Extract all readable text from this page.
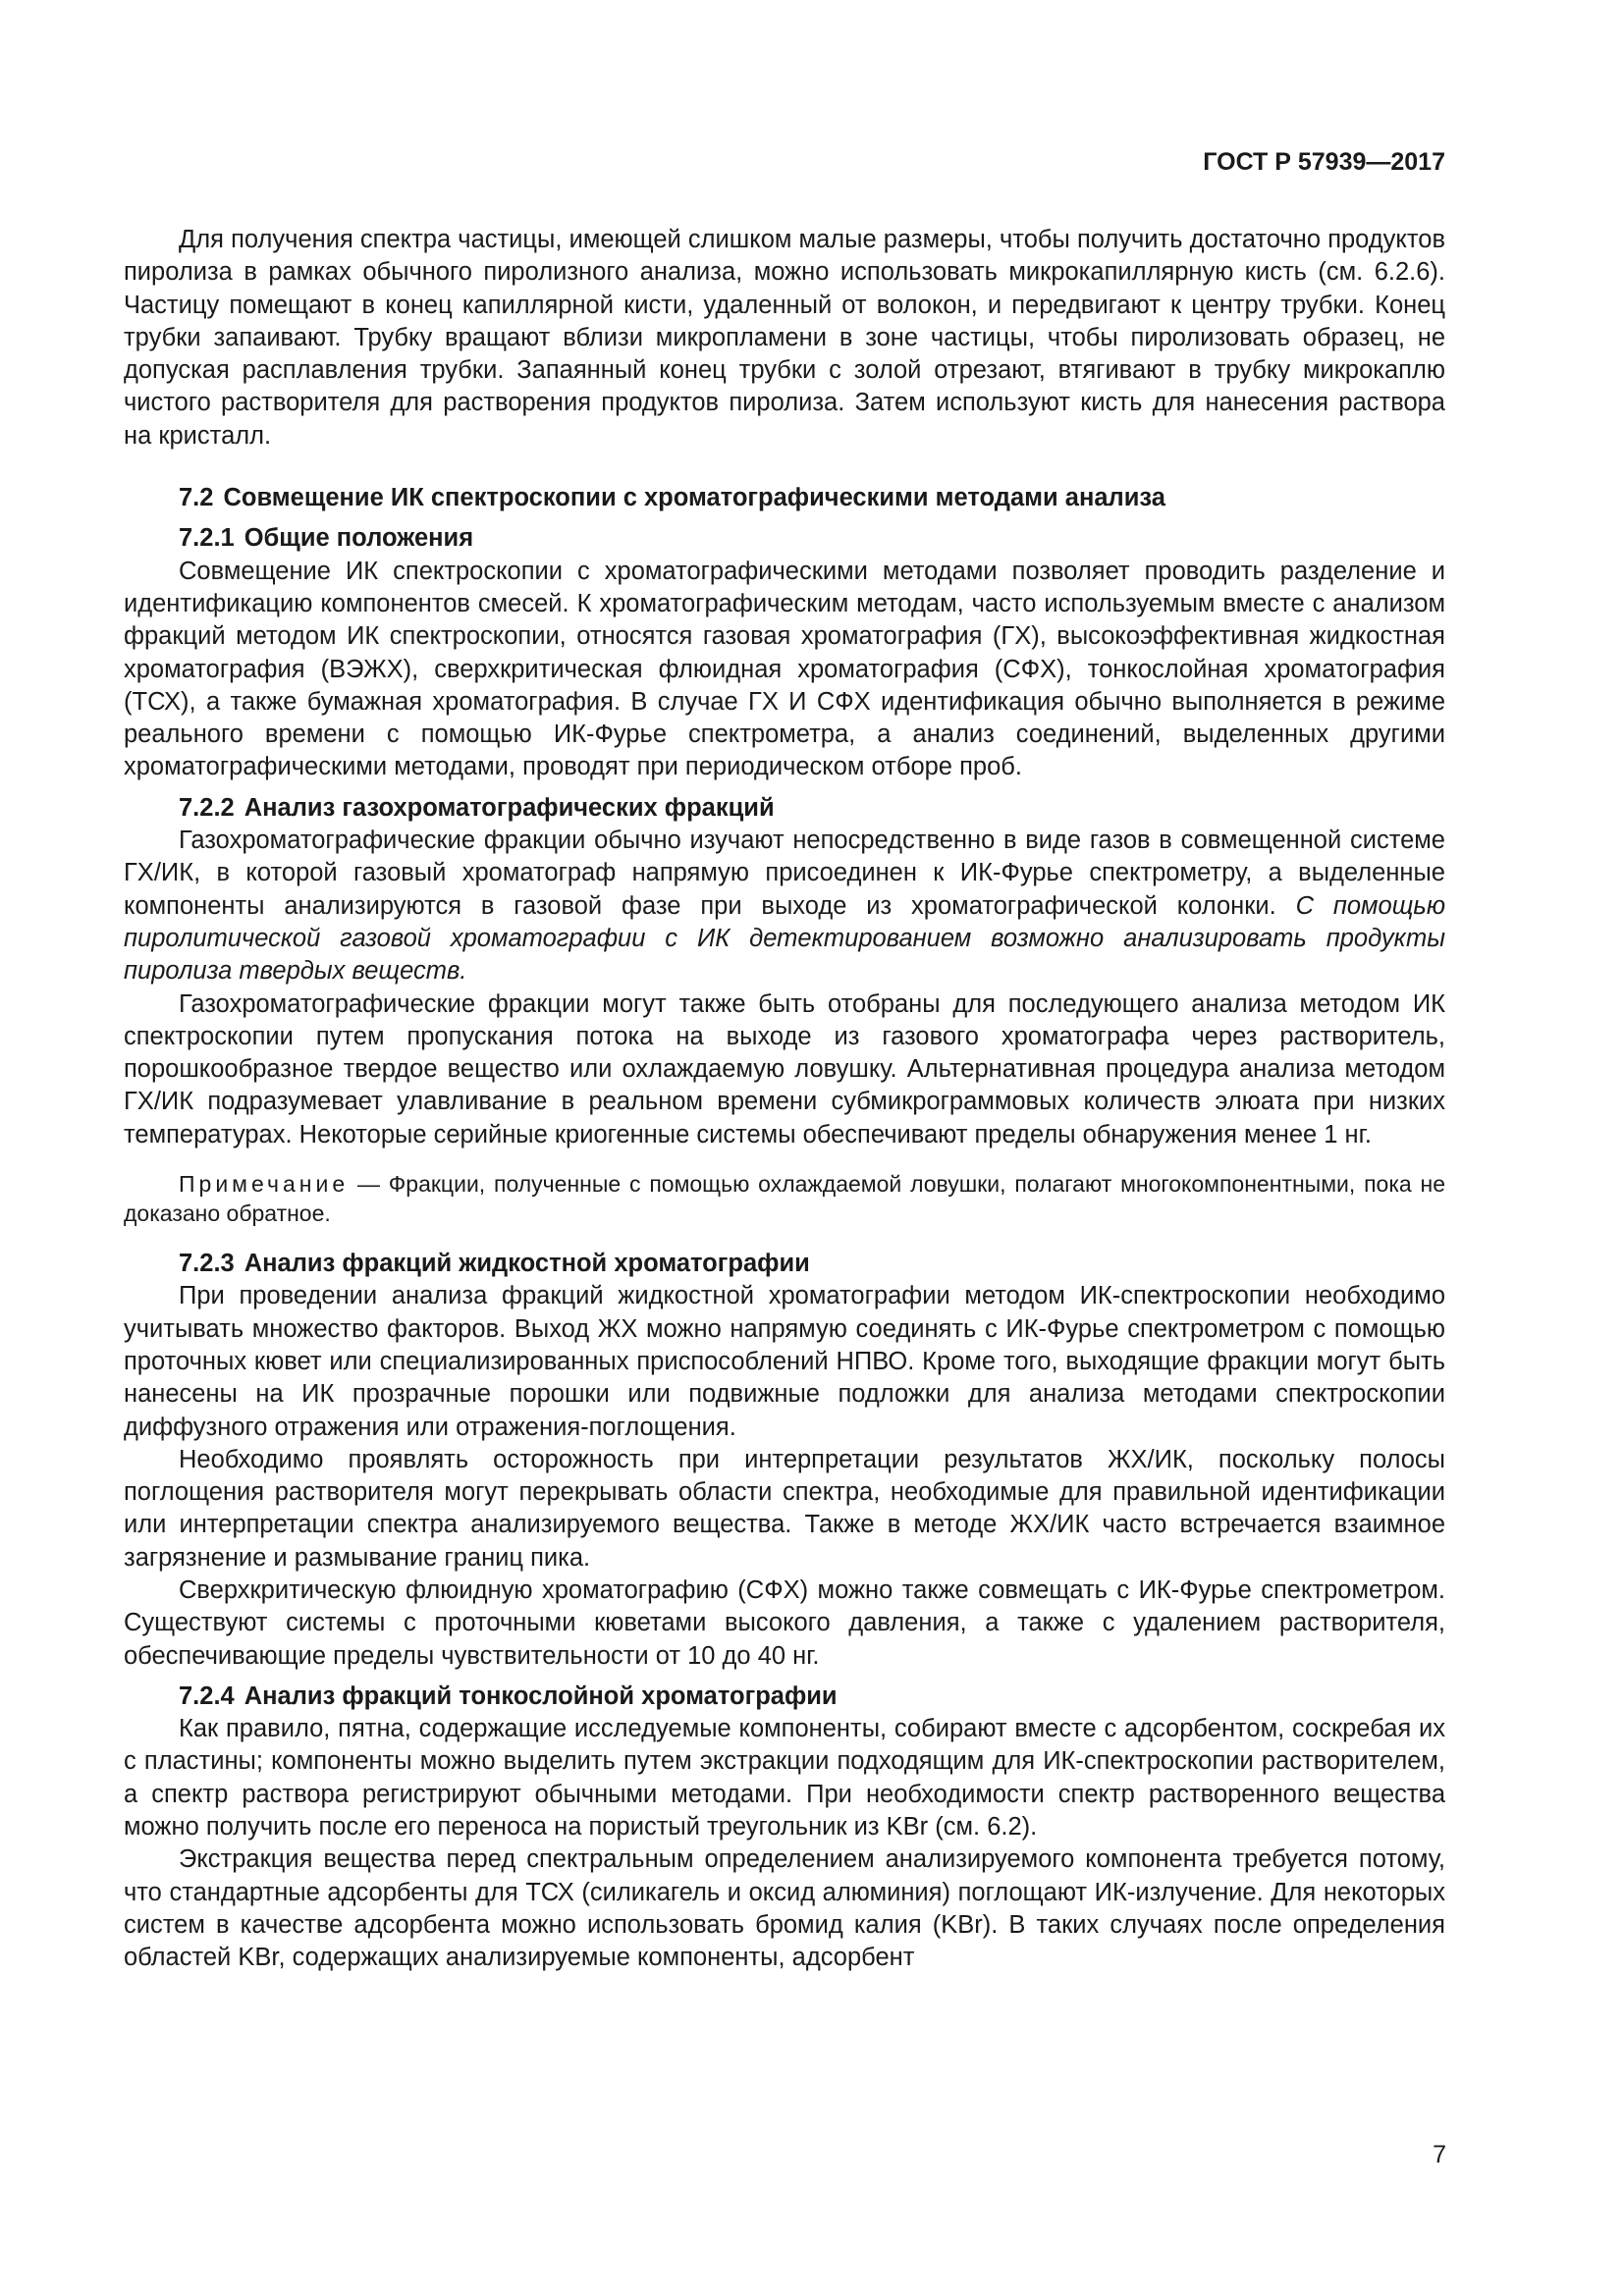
ГОСТ Р 57939—2017

Для получения спектра частицы, имеющей слишком малые размеры, чтобы получить достаточно продуктов пиролиза в рамках обычного пиролизного анализа, можно использовать микрокапиллярную кисть (см. 6.2.6). Частицу помещают в конец капиллярной кисти, удаленный от волокон, и передвигают к центру трубки. Конец трубки запаивают. Трубку вращают вблизи микропламени в зоне частицы, чтобы пиролизовать образец, не допуская расплавления трубки. Запаянный конец трубки с золой отрезают, втягивают в трубку микрокаплю чистого растворителя для растворения продуктов пиролиза. Затем используют кисть для нанесения раствора на кристалл.

7.2 Совмещение ИК спектроскопии с хроматографическими методами анализа
7.2.1 Общие положения

Совмещение ИК спектроскопии с хроматографическими методами позволяет проводить разделение и идентификацию компонентов смесей. К хроматографическим методам, часто используемым вместе с анализом фракций методом ИК спектроскопии, относятся газовая хроматография (ГХ), высокоэффективная жидкостная хроматография (ВЭЖХ), сверхкритическая флюидная хроматография (СФХ), тонкослойная хроматография (ТСХ), а также бумажная хроматография. В случае ГХ И СФХ идентификация обычно выполняется в режиме реального времени с помощью ИК-Фурье спектрометра, а анализ соединений, выделенных другими хроматографическими методами, проводят при периодическом отборе проб.

7.2.2 Анализ газохроматографических фракций

Газохроматографические фракции обычно изучают непосредственно в виде газов в совмещенной системе ГХ/ИК, в которой газовый хроматограф напрямую присоединен к ИК-Фурье спектрометру, а выделенные компоненты анализируются в газовой фазе при выходе из хроматографической колонки. С помощью пиролитической газовой хроматографии с ИК детектированием возможно анализировать продукты пиролиза твердых веществ.

Газохроматографические фракции могут также быть отобраны для последующего анализа методом ИК спектроскопии путем пропускания потока на выходе из газового хроматографа через растворитель, порошкообразное твердое вещество или охлаждаемую ловушку. Альтернативная процедура анализа методом ГХ/ИК подразумевает улавливание в реальном времени субмикрограммовых количеств элюата при низких температурах. Некоторые серийные криогенные системы обеспечивают пределы обнаружения менее 1 нг.

Примечание — Фракции, полученные с помощью охлаждаемой ловушки, полагают многокомпонентными, пока не доказано обратное.
7.2.3 Анализ фракций жидкостной хроматографии

При проведении анализа фракций жидкостной хроматографии методом ИК-спектроскопии необходимо учитывать множество факторов. Выход ЖХ можно напрямую соединять с ИК-Фурье спектрометром с помощью проточных кювет или специализированных приспособлений НПВО. Кроме того, выходящие фракции могут быть нанесены на ИК прозрачные порошки или подвижные подложки для анализа методами спектроскопии диффузного отражения или отражения-поглощения.

Необходимо проявлять осторожность при интерпретации результатов ЖХ/ИК, поскольку полосы поглощения растворителя могут перекрывать области спектра, необходимые для правильной идентификации или интерпретации спектра анализируемого вещества. Также в методе ЖХ/ИК часто встречается взаимное загрязнение и размывание границ пика.

Сверхкритическую флюидную хроматографию (СФХ) можно также совмещать с ИК-Фурье спектрометром. Существуют системы с проточными кюветами высокого давления, а также с удалением растворителя, обеспечивающие пределы чувствительности от 10 до 40 нг.

7.2.4 Анализ фракций тонкослойной хроматографии

Как правило, пятна, содержащие исследуемые компоненты, собирают вместе с адсорбентом, соскребая их с пластины; компоненты можно выделить путем экстракции подходящим для ИК-спектроскопии растворителем, а спектр раствора регистрируют обычными методами. При необходимости спектр растворенного вещества можно получить после его переноса на пористый треугольник из KBr (см. 6.2).

Экстракция вещества перед спектральным определением анализируемого компонента требуется потому, что стандартные адсорбенты для ТСХ (силикагель и оксид алюминия) поглощают ИК-излучение. Для некоторых систем в качестве адсорбента можно использовать бромид калия (KBr). В таких случаях после определения областей KBr, содержащих анализируемые компоненты, адсорбент

7
